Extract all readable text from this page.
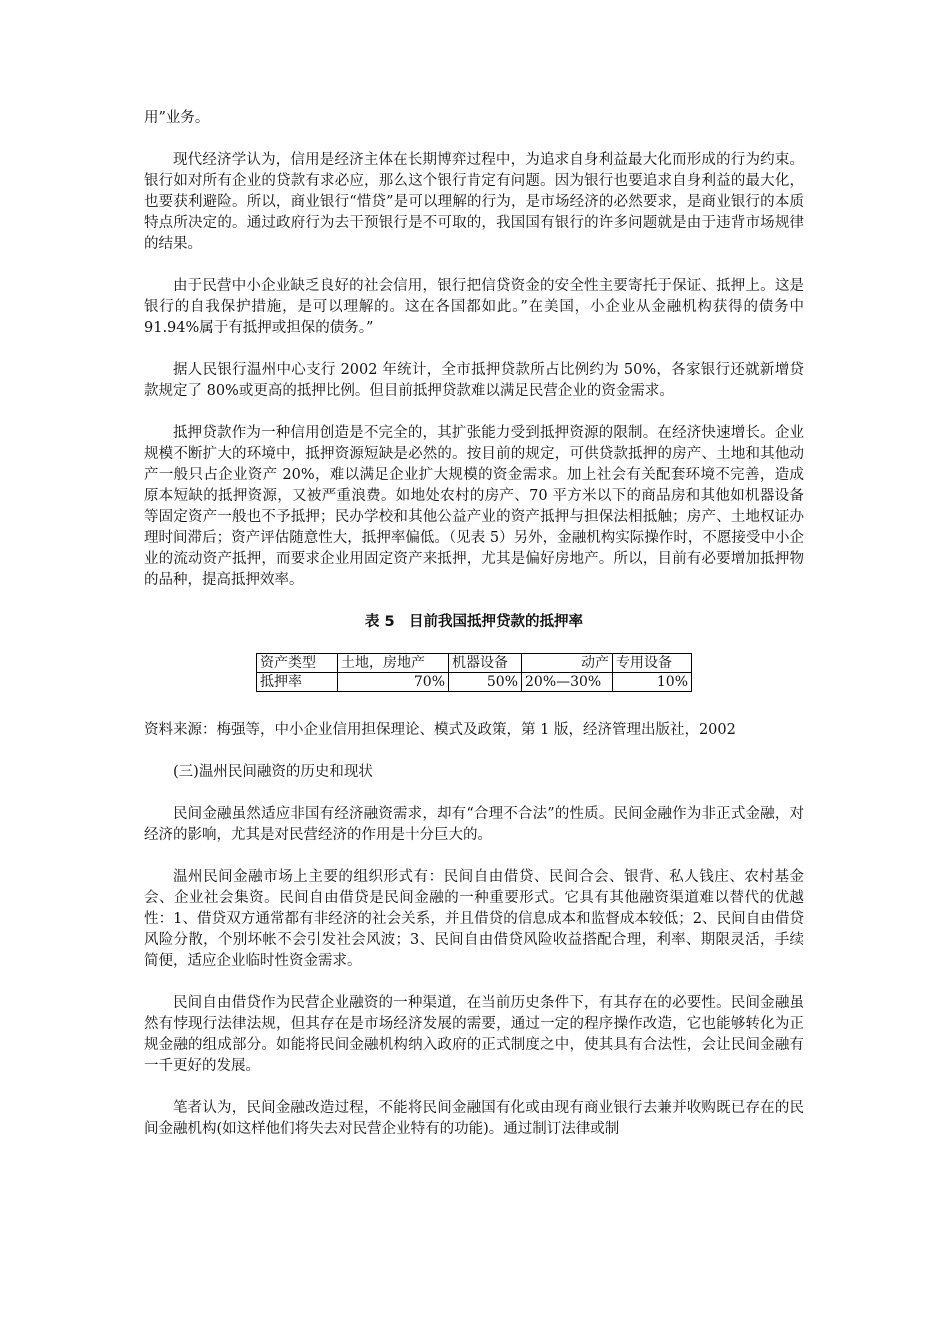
用”业务。

现代经济学认为，信用是经济主体在长期博弈过程中，为追求自身利益最大化而形成的行为约束。银行如对所有企业的贷款有求必应，那么这个银行肯定有问题。因为银行也要追求自身利益的最大化，也要获利避险。所以，商业银行“惜贷”是可以理解的行为，是市场经济的必然要求，是商业银行的本质特点所决定的。通过政府行为去干预银行是不可取的，我国国有银行的许多问题就是由于违背市场规律的结果。

由于民营中小企业缺乏良好的社会信用，银行把信贷资金的安全性主要寄托于保证、抵押上。这是银行的自我保护措施，是可以理解的。这在各国都如此。”在美国，小企业从金融机构获得的债务中 91.94%属于有抵押或担保的债务。”

据人民银行温州中心支行 2002 年统计，全市抵押贷款所占比例约为 50%，各家银行还就新增贷款规定了 80%或更高的抵押比例。但目前抵押贷款难以满足民营企业的资金需求。

抵押贷款作为一种信用创造是不完全的，其扩张能力受到抵押资源的限制。在经济快速增长。企业规模不断扩大的环境中，抵押资源短缺是必然的。按目前的规定，可供贷款抵押的房产、土地和其他动产一般只占企业资产 20%，难以满足企业扩大规模的资金需求。加上社会有关配套环境不完善，造成原本短缺的抵押资源，又被严重浪费。如地处农村的房产、70 平方米以下的商品房和其他如机器设备等固定资产一般也不予抵押；民办学校和其他公益产业的资产抵押与担保法相抵触；房产、土地权证办理时间滞后；资产评估随意性大，抵押率偏低。（见表 5）另外，金融机构实际操作时，不愿接受中小企业的流动资产抵押，而要求企业用固定资产来抵押，尤其是偏好房地产。所以，目前有必要增加抵押物的品种，提高抵押效率。

表 5　目前我国抵押贷款的抵押率
资产类型	土地，房地产	机器设备	动产	专用设备
抵押率	70%	50%	20%—30%	10%

资料来源：梅强等，中小企业信用担保理论、模式及政策，第 1 版，经济管理出版社，2002

(三)温州民间融资的历史和现状

民间金融虽然适应非国有经济融资需求，却有“合理不合法”的性质。民间金融作为非正式金融，对经济的影响，尤其是对民营经济的作用是十分巨大的。

温州民间金融市场上主要的组织形式有：民间自由借贷、民间合会、银背、私人钱庄、农村基金会、企业社会集资。民间自由借贷是民间金融的一种重要形式。它具有其他融资渠道难以替代的优越性：1、借贷双方通常都有非经济的社会关系，并且借贷的信息成本和监督成本较低；2、民间自由借贷风险分散，个别坏帐不会引发社会风波；3、民间自由借贷风险收益搭配合理，利率、期限灵活，手续简便，适应企业临时性资金需求。

民间自由借贷作为民营企业融资的一种渠道，在当前历史条件下，有其存在的必要性。民间金融虽然有悖现行法律法规，但其存在是市场经济发展的需要，通过一定的程序操作改造，它也能够转化为正规金融的组成部分。如能将民间金融机构纳入政府的正式制度之中，使其具有合法性，会让民间金融有一千更好的发展。

笔者认为，民间金融改造过程，不能将民间金融国有化或由现有商业银行去兼并收购既已存在的民间金融机构(如这样他们将失去对民营企业特有的功能)。通过制订法律或制
